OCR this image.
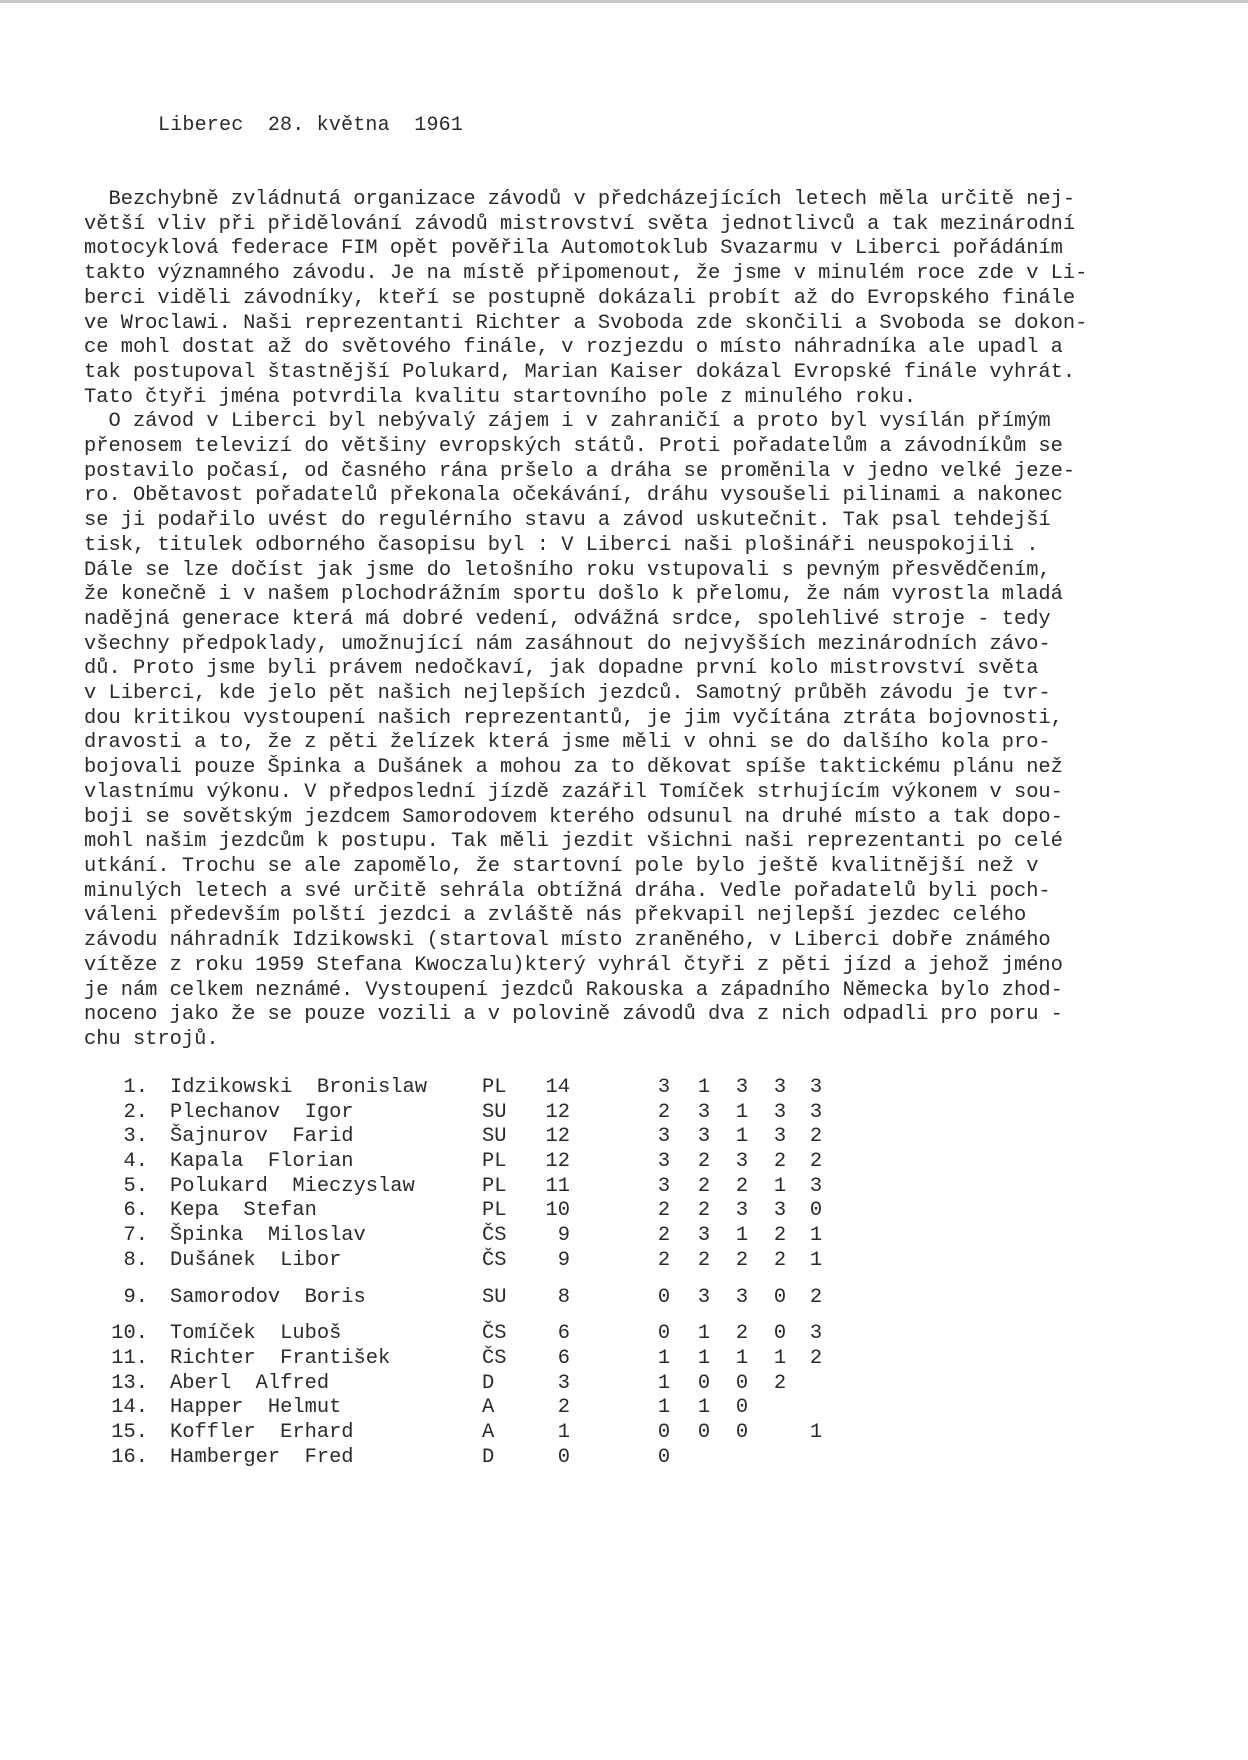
Liberec  28. května  1961
Bezchybně zvládnutá organizace závodů v předcházejících letech měla určitě nej-
větší vliv při přidělování závodů mistrovství světa jednotlivců a tak mezinárodní
motocyklová federace FIM opět pověřila Automotoklub Svazarmu v Liberci pořádáním
takto významného závodu. Je na místě připomenout, že jsme v minulém roce zde v Li-
berci viděli závodníky, kteří se postupně dokázali probít až do Evropského finále
ve Wroclawi. Naši reprezentanti Richter a Svoboda zde skončili a Svoboda se dokon-
ce mohl dostat až do světového finále, v rozjezdu o místo náhradníka ale upadl a
tak postupoval štastnější Polukard, Marian Kaiser dokázal Evropské finále vyhrát.
Tato čtyři jména potvrdila kvalitu startovního pole z minulého roku.
O závod v Liberci byl nebývalý zájem i v zahraničí a proto byl vysílán přímým
přenosem televizí do většiny evropských států. Proti pořadatelům a závodníkům se
postavilo počasí, od časného rána pršelo a dráha se proměnila v jedno velké jeze-
ro. Obětavost pořadatelů překonala očekávání, dráhu vysoušeli pilinami a nakonec
se ji podařilo uvést do regulérního stavu a závod uskutečnit. Tak psal tehdejší
tisk, titulek odborného časopisu byl : V Liberci naši plošináři neuspokojili .
Dále se lze dočíst jak jsme do letošního roku vstupovali s pevným přesvědčením,
že konečně i v našem plochodrážním sportu došlo k přelomu, že nám vyrostla mladá
nadějná generace která má dobré vedení, odvážná srdce, spolehlivé stroje - tedy
všechny předpoklady, umožnující nám zasáhnout do nejvyšších mezinárodních závo-
dů. Proto jsme byli právem nedočkaví, jak dopadne první kolo mistrovství světa
v Liberci, kde jelo pět našich nejlepších jezdců. Samotný průběh závodu je tvr-
dou kritikou vystoupení našich reprezentantů, je jim vyčítána ztráta bojovnosti,
dravosti a to, že z pěti želízek která jsme měli v ohni se do dalšího kola pro-
bojovali pouze Špinka a Dušánek a mohou za to děkovat spíše taktickému plánu než
vlastnímu výkonu. V předposlední jízdě zazářil Tomíček strhujícím výkonem v sou-
boji se sovětským jezdcem Samorodovem kterého odsunul na druhé místo a tak dopo-
mohl našim jezdcům k postupu. Tak měli jezdit všichni naši reprezentanti po celé
utkání. Trochu se ale zapomělo, že startovní pole bylo ještě kvalitnější než v
minulých letech a své určitě sehrála obtížná dráha. Vedle pořadatelů byli poch-
váleni především polští jezdci a zvláště nás překvapil nejlepší jezdec celého
závodu náhradník Idzikowski (startoval místo zraněného, v Liberci dobře známého
vítěze z roku 1959 Stefana Kwoczalu)který vyhrál čtyři z pěti jízd a jehož jméno
je nám celkem neznámé. Vystoupení jezdců Rakouska a západního Německa bylo zhod-
noceno jako že se pouze vozili a v polovině závodů dva z nich odpadli pro poru -
chu strojů.
1. Idzikowski  Bronislaw	PL	14	3 1 3 3 3
2. Plechanov  Igor	SU	12	2 3 1 3 3
3. Šajnurov  Farid	SU	12	3 3 1 3 2
4. Kapala  Florian	PL	12	3 2 3 2 2
5. Polukard  Mieczyslaw	PL	11	3 2 2 1 3
6. Kepa  Stefan	PL	10	2 2 3 3 0
7. Špinka  Miloslav	ČS	9	2 3 1 2 1
8. Dušánek  Libor	ČS	9	2 2 2 2 1
9. Samorodov  Boris	SU	8	0 3 3 0 2
10. Tomíček  Luboš	ČS	6	0 1 2 0 3
11. Richter  František	ČS	6	1 1 1 1 2
13. Aberl  Alfred	D	3	1 0 0 2
14. Happer  Helmut	A	2	1 1 0
15. Koffler  Erhard	A	1	0 0 0	1
16. Hamberger  Fred	D	0	0
